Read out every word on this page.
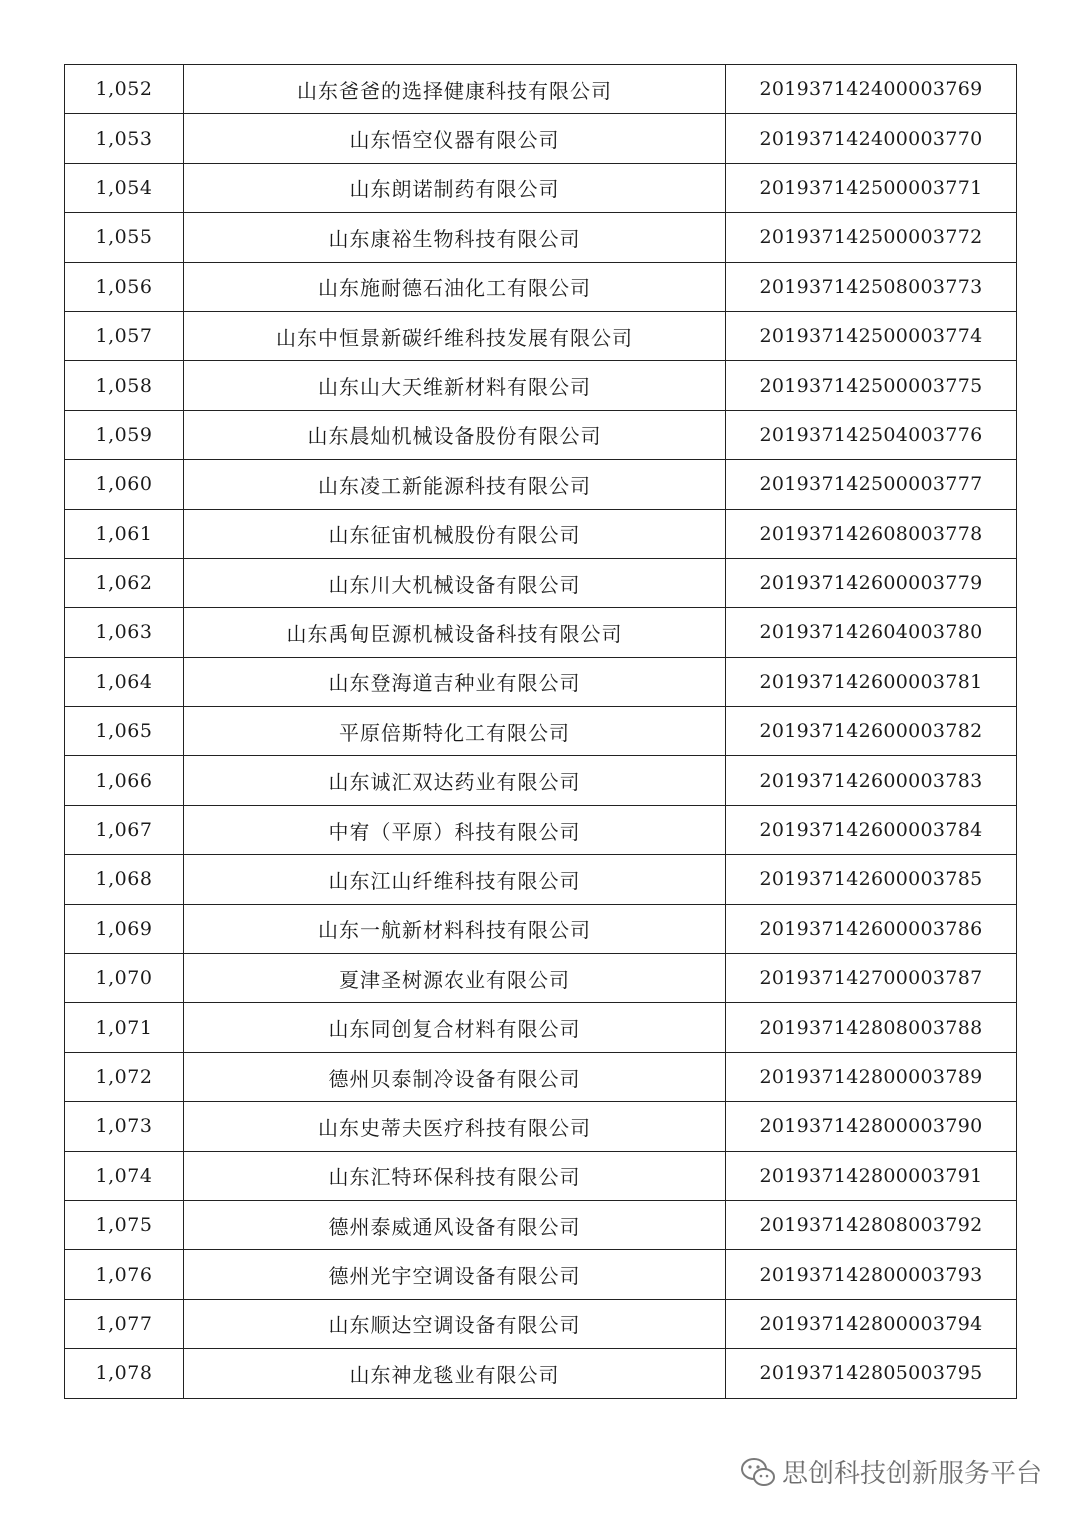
1,052	山东爸爸的选择健康科技有限公司	201937142400003769
1,053	山东悟空仪器有限公司	201937142400003770
1,054	山东朗诺制药有限公司	201937142500003771
1,055	山东康裕生物科技有限公司	201937142500003772
1,056	山东施耐德石油化工有限公司	201937142508003773
1,057	山东中恒景新碳纤维科技发展有限公司	201937142500003774
1,058	山东山大天维新材料有限公司	201937142500003775
1,059	山东晨灿机械设备股份有限公司	201937142504003776
1,060	山东凌工新能源科技有限公司	201937142500003777
1,061	山东征宙机械股份有限公司	201937142608003778
1,062	山东川大机械设备有限公司	201937142600003779
1,063	山东禹甸臣源机械设备科技有限公司	201937142604003780
1,064	山东登海道吉种业有限公司	201937142600003781
1,065	平原倍斯特化工有限公司	201937142600003782
1,066	山东诚汇双达药业有限公司	201937142600003783
1,067	中宥（平原）科技有限公司	201937142600003784
1,068	山东江山纤维科技有限公司	201937142600003785
1,069	山东一航新材料科技有限公司	201937142600003786
1,070	夏津圣树源农业有限公司	201937142700003787
1,071	山东同创复合材料有限公司	201937142808003788
1,072	德州贝泰制冷设备有限公司	201937142800003789
1,073	山东史蒂夫医疗科技有限公司	201937142800003790
1,074	山东汇特环保科技有限公司	201937142800003791
1,075	德州泰威通风设备有限公司	201937142808003792
1,076	德州光宇空调设备有限公司	201937142800003793
1,077	山东顺达空调设备有限公司	201937142800003794
1,078	山东神龙毯业有限公司	201937142805003795
思创科技创新服务平台
